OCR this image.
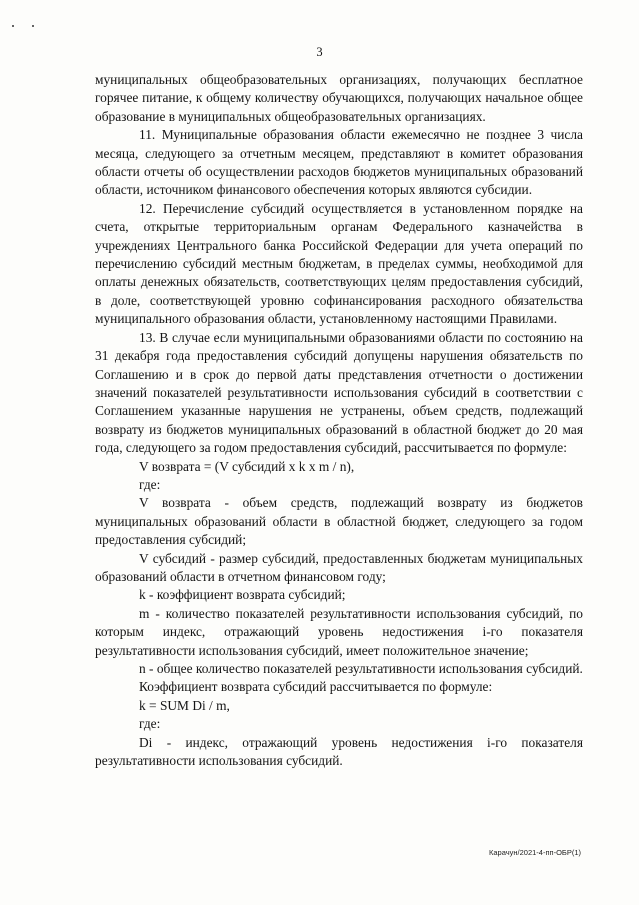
3

муниципальных общеобразовательных организациях, получающих бесплатное горячее питание, к общему количеству обучающихся, получающих начальное общее образование в муниципальных общеобразовательных организациях.

11. Муниципальные образования области ежемесячно не позднее 3 числа месяца, следующего за отчетным месяцем, представляют в комитет образования области отчеты об осуществлении расходов бюджетов муниципальных образований области, источником финансового обеспечения которых являются субсидии.

12. Перечисление субсидий осуществляется в установленном порядке на счета, открытые территориальным органам Федерального казначейства в учреждениях Центрального банка Российской Федерации для учета операций по перечислению субсидий местным бюджетам, в пределах суммы, необходимой для оплаты денежных обязательств, соответствующих целям предоставления субсидий, в доле, соответствующей уровню софинансирования расходного обязательства муниципального образования области, установленному настоящими Правилами.

13. В случае если муниципальными образованиями области по состоянию на 31 декабря года предоставления субсидий допущены нарушения обязательств по Соглашению и в срок до первой даты представления отчетности о достижении значений показателей результативности использования субсидий в соответствии с Соглашением указанные нарушения не устранены, объем средств, подлежащий возврату из бюджетов муниципальных образований в областной бюджет до 20 мая года, следующего за годом предоставления субсидий, рассчитывается по формуле:

V возврата = (V субсидий x k x m / n),

где:

V возврата - объем средств, подлежащий возврату из бюджетов муниципальных образований области в областной бюджет, следующего за годом предоставления субсидий;

V субсидий - размер субсидий, предоставленных бюджетам муниципальных образований области в отчетном финансовом году;

k - коэффициент возврата субсидий;

m - количество показателей результативности использования субсидий, по которым индекс, отражающий уровень недостижения i-го показателя результативности использования субсидий, имеет положительное значение;

n - общее количество показателей результативности использования субсидий.

Коэффициент возврата субсидий рассчитывается по формуле:

k = SUM Di / m,

где:

Di - индекс, отражающий уровень недостижения i-го показателя результативности использования субсидий.

Карачун/2021-4-пп-ОБР(1)
